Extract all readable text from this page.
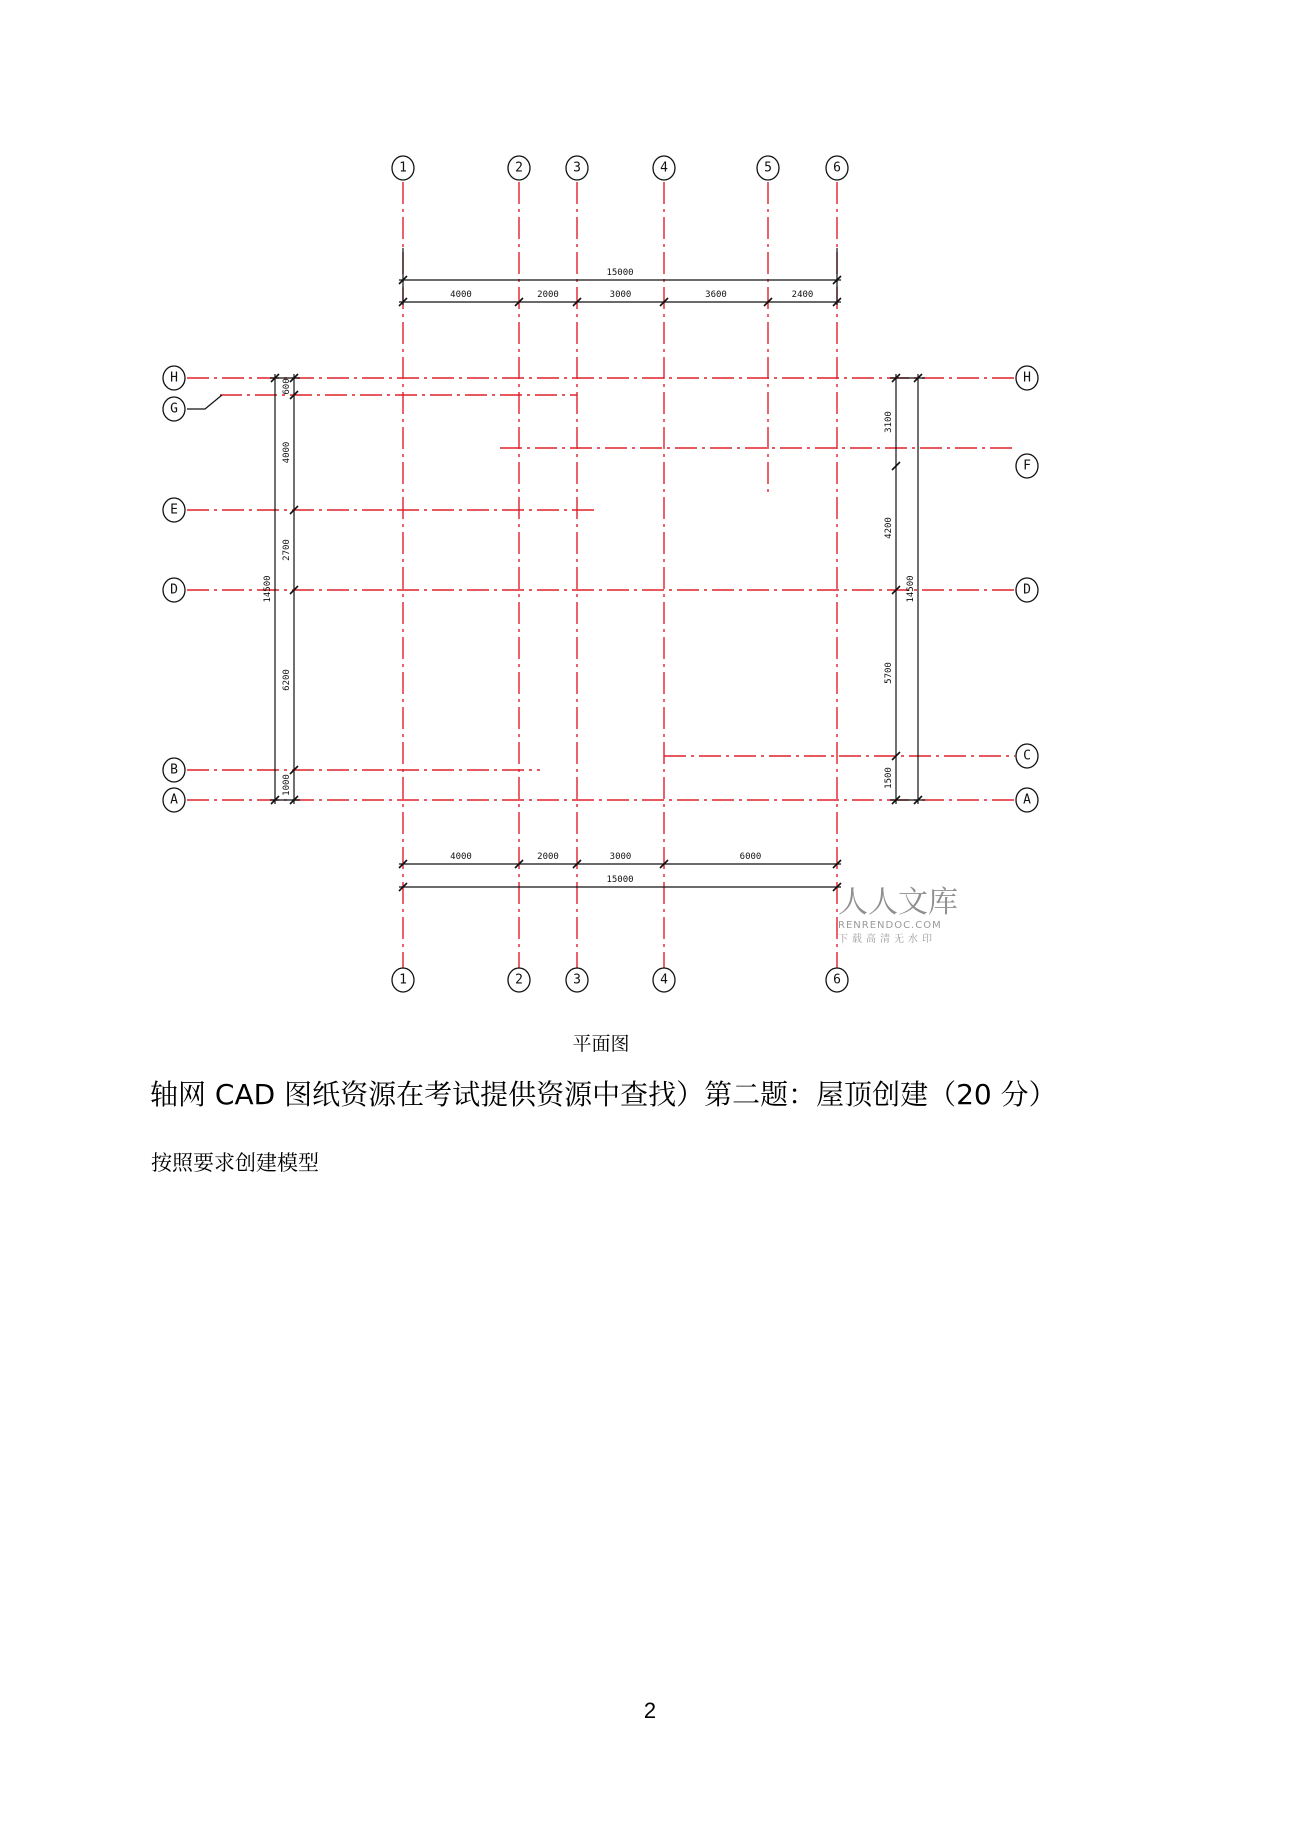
1	2	3	4	5	6
1	2	3	4	6
H
G
E
D
B
A
H
F
D
C
A
15000
4000	2000	3000	3600	2400
4000	2000	3000	6000
15000
600
4000
2700
6200
1000
14500
3100
4200
5700
1500
14500
人人文库
RENRENDOC.COM
下载高清无水印
平面图
轴网 CAD 图纸资源在考试提供资源中查找）第二题：屋顶创建（20 分）
按照要求创建模型
2
